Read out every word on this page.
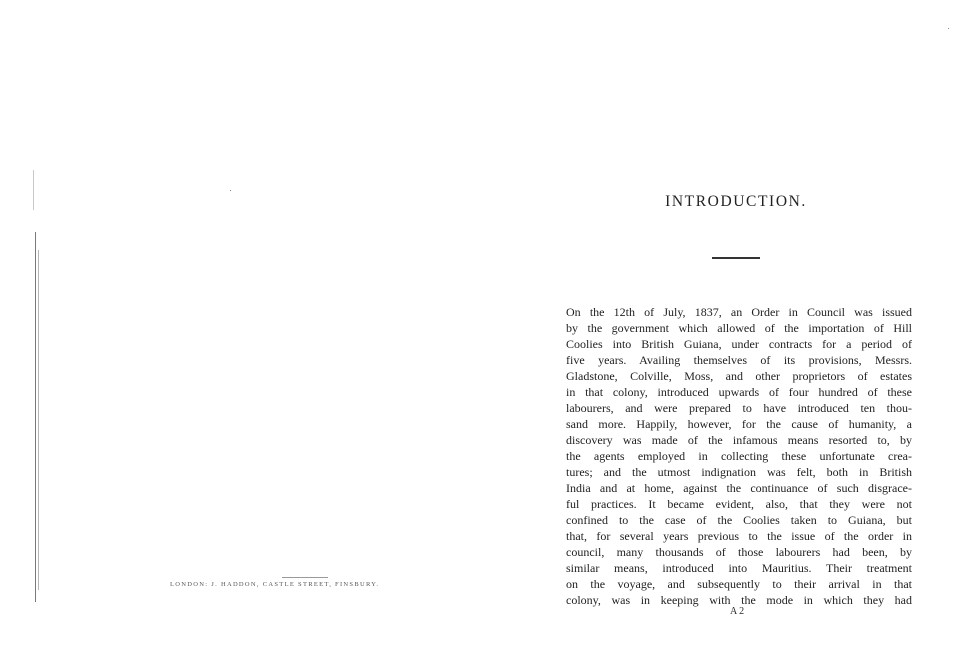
LONDON: J. HADDON, CASTLE STREET, FINSBURY.
INTRODUCTION.
On the 12th of July, 1837, an Order in Council was issued
by the government which allowed of the importation of Hill
Coolies into British Guiana, under contracts for a period of
five years. Availing themselves of its provisions, Messrs.
Gladstone, Colville, Moss, and other proprietors of estates
in that colony, introduced upwards of four hundred of these
labourers, and were prepared to have introduced ten thou-
sand more. Happily, however, for the cause of humanity, a
discovery was made of the infamous means resorted to, by
the agents employed in collecting these unfortunate crea-
tures; and the utmost indignation was felt, both in British
India and at home, against the continuance of such disgrace-
ful practices. It became evident, also, that they were not
confined to the case of the Coolies taken to Guiana, but
that, for several years previous to the issue of the order in
council, many thousands of those labourers had been, by
similar means, introduced into Mauritius. Their treatment
on the voyage, and subsequently to their arrival in that
colony, was in keeping with the mode in which they had
A 2
